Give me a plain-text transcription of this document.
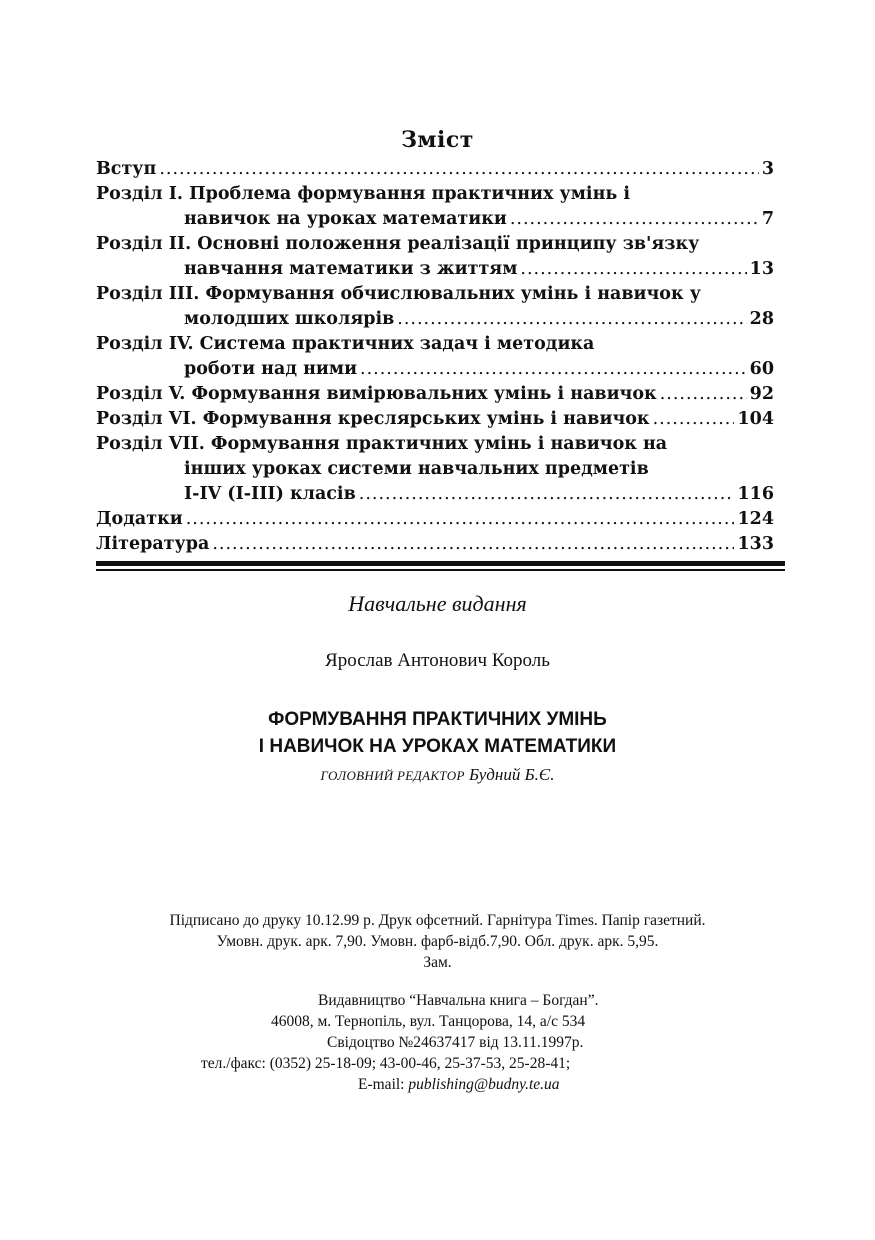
Зміст
Вступ .....	3
Розділ І. Проблема формування практичних умінь і
навичок на уроках математики .....	7
Розділ ІІ. Основні положення реалізації принципу зв'язку
навчання математики з життям .....	13
Розділ ІІІ. Формування обчислювальних умінь і навичок у
молодших школярів .....	28
Розділ ІV. Система практичних задач і методика
роботи над ними .....	60
Розділ V. Формування вимірювальних умінь і навичок .....	92
Розділ VІ. Формування креслярських умінь і навичок .....	104
Розділ VІІ. Формування практичних умінь і навичок на
інших уроках системи навчальних предметів
І-ІV (І-ІІІ) класів .....	116
Додатки .....	124
Література .....	133
Навчальне видання
Ярослав Антонович Король
ФОРМУВАННЯ ПРАКТИЧНИХ УМІНЬ
І НАВИЧОК НА УРОКАХ МАТЕМАТИКИ
ГОЛОВНИЙ РЕДАКТОР Будний Б.Є.
Підписано до друку 10.12.99 р. Друк офсетний. Гарнітура Times. Папір газетний.
Умовн. друк. арк. 7,90. Умовн. фарб-відб.7,90. Обл. друк. арк. 5,95.
Зам.
Видавництво “Навчальна книга – Богдан”.
46008, м. Тернопіль, вул. Танцорова, 14, а/с 534
Свідоцтво №24637417 від 13.11.1997р.
тел./факс: (0352) 25-18-09; 43-00-46, 25-37-53, 25-28-41;
E-mail: publishing@budny.te.ua
